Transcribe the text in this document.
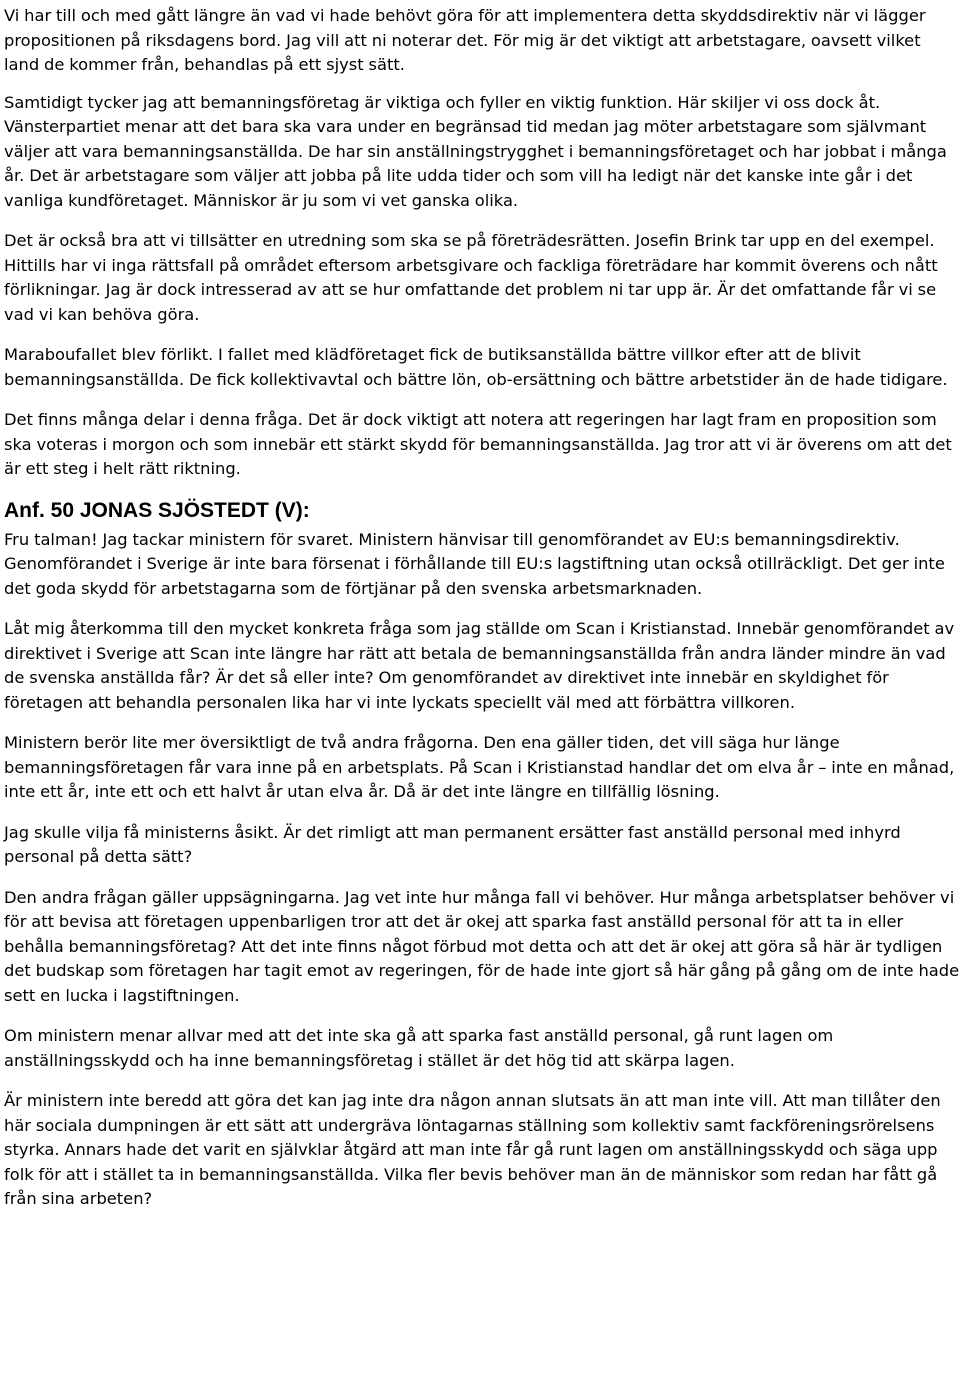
Vi har till och med gått längre än vad vi hade behövt göra för att implementera detta skyddsdirektiv när vi lägger propositionen på riksdagens bord. Jag vill att ni noterar det. För mig är det viktigt att arbetstagare, oavsett vilket land de kommer från, behandlas på ett sjyst sätt.

Samtidigt tycker jag att bemanningsföretag är viktiga och fyller en viktig funktion. Här skiljer vi oss dock åt. Vänsterpartiet menar att det bara ska vara under en begränsad tid medan jag möter arbetstagare som självmant väljer att vara bemanningsanställda. De har sin anställningstrygghet i bemanningsföretaget och har jobbat i många år. Det är arbetstagare som väljer att jobba på lite udda tider och som vill ha ledigt när det kanske inte går i det vanliga kundföretaget. Människor är ju som vi vet ganska olika.

Det är också bra att vi tillsätter en utredning som ska se på företrädesrätten. Josefin Brink tar upp en del exempel. Hittills har vi inga rättsfall på området eftersom arbetsgivare och fackliga företrädare har kommit överens och nått förlikningar. Jag är dock intresserad av att se hur omfattande det problem ni tar upp är. Är det omfattande får vi se vad vi kan behöva göra.

Maraboufallet blev förlikt. I fallet med klädföretaget fick de butiksanställda bättre villkor efter att de blivit bemanningsanställda. De fick kollektivavtal och bättre lön, ob-ersättning och bättre arbetstider än de hade tidigare.

Det finns många delar i denna fråga. Det är dock viktigt att notera att regeringen har lagt fram en proposition som ska voteras i morgon och som innebär ett stärkt skydd för bemanningsanställda. Jag tror att vi är överens om att det är ett steg i helt rätt riktning.

Anf. 50 JONAS SJÖSTEDT (V):

Fru talman! Jag tackar ministern för svaret. Ministern hänvisar till genomförandet av EU:s bemanningsdirektiv. Genomförandet i Sverige är inte bara försenat i förhållande till EU:s lagstiftning utan också otillräckligt. Det ger inte det goda skydd för arbetstagarna som de förtjänar på den svenska arbetsmarknaden.

Låt mig återkomma till den mycket konkreta fråga som jag ställde om Scan i Kristianstad. Innebär genomförandet av direktivet i Sverige att Scan inte längre har rätt att betala de bemanningsanställda från andra länder mindre än vad de svenska anställda får? Är det så eller inte? Om genomförandet av direktivet inte innebär en skyldighet för företagen att behandla personalen lika har vi inte lyckats speciellt väl med att förbättra villkoren.

Ministern berör lite mer översiktligt de två andra frågorna. Den ena gäller tiden, det vill säga hur länge bemanningsföretagen får vara inne på en arbetsplats. På Scan i Kristianstad handlar det om elva år – inte en månad, inte ett år, inte ett och ett halvt år utan elva år. Då är det inte längre en tillfällig lösning.

Jag skulle vilja få ministerns åsikt. Är det rimligt att man permanent ersätter fast anställd personal med inhyrd personal på detta sätt?

Den andra frågan gäller uppsägningarna. Jag vet inte hur många fall vi behöver. Hur många arbetsplatser behöver vi för att bevisa att företagen uppenbarligen tror att det är okej att sparka fast anställd personal för att ta in eller behålla bemanningsföretag? Att det inte finns något förbud mot detta och att det är okej att göra så här är tydligen det budskap som företagen har tagit emot av regeringen, för de hade inte gjort så här gång på gång om de inte hade sett en lucka i lagstiftningen.

Om ministern menar allvar med att det inte ska gå att sparka fast anställd personal, gå runt lagen om anställningsskydd och ha inne bemanningsföretag i stället är det hög tid att skärpa lagen.

Är ministern inte beredd att göra det kan jag inte dra någon annan slutsats än att man inte vill. Att man tillåter den här sociala dumpningen är ett sätt att undergräva löntagarnas ställning som kollektiv samt fackföreningsrörelsens styrka. Annars hade det varit en självklar åtgärd att man inte får gå runt lagen om anställningsskydd och säga upp folk för att i stället ta in bemanningsanställda. Vilka fler bevis behöver man än de människor som redan har fått gå från sina arbeten?
